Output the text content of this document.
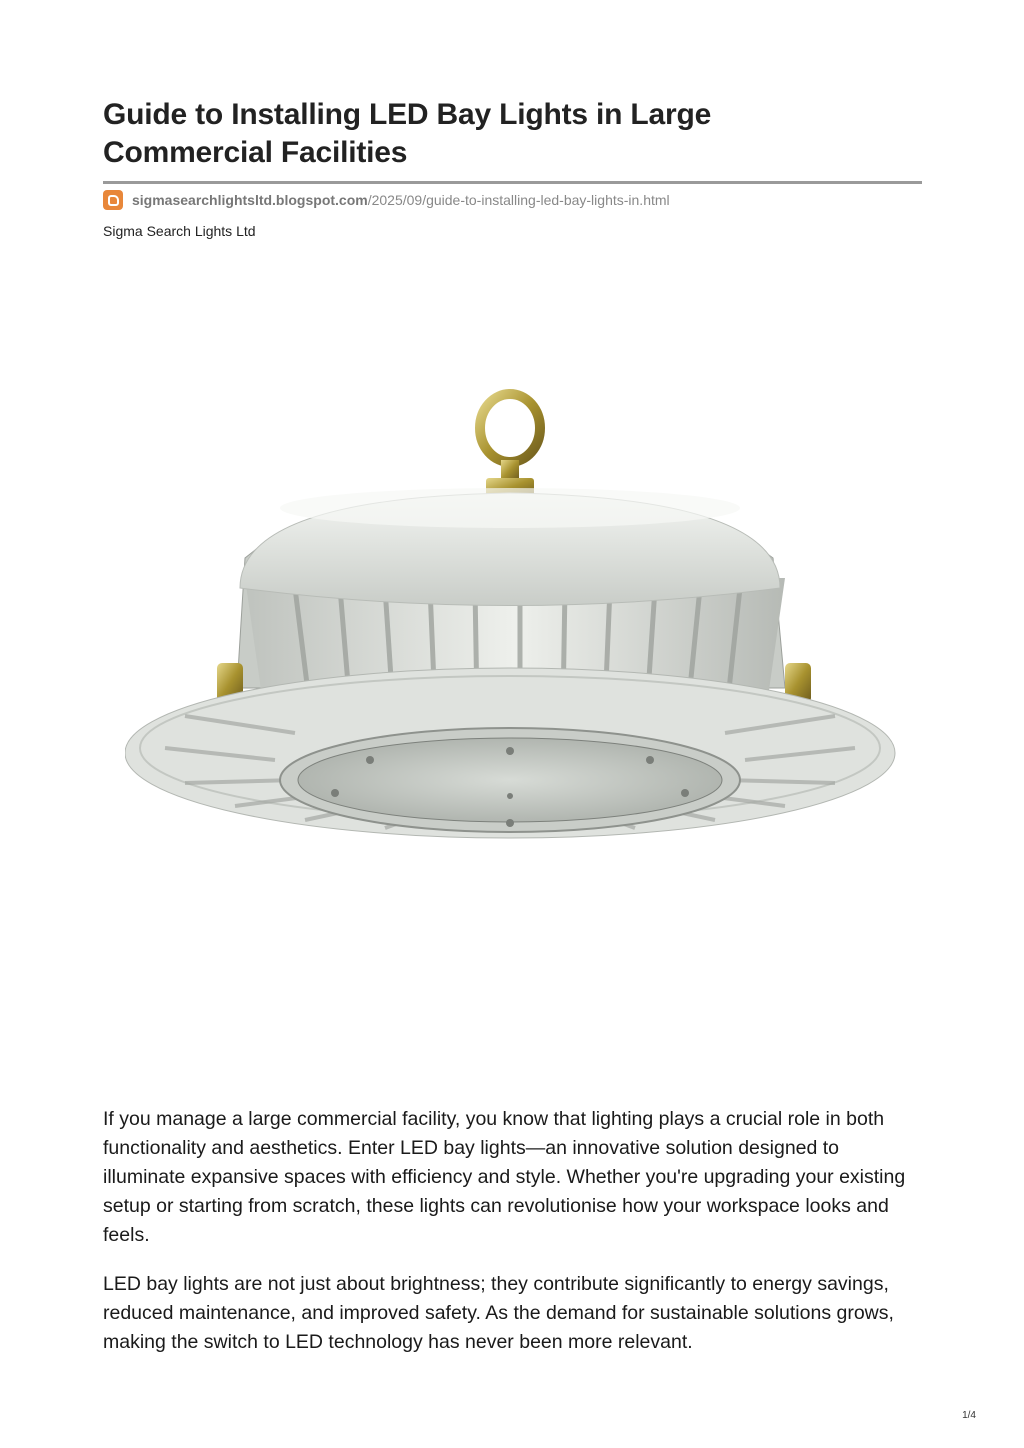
Guide to Installing LED Bay Lights in Large Commercial Facilities
sigmasearchlightsltd.blogspot.com /2025/09/guide-to-installing-led-bay-lights-in.html
Sigma Search Lights Ltd

If you manage a large commercial facility, you know that lighting plays a crucial role in both functionality and aesthetics. Enter LED bay lights—an innovative solution designed to illuminate expansive spaces with efficiency and style. Whether you're upgrading your existing setup or starting from scratch, these lights can revolutionise how your workspace looks and feels.

LED bay lights are not just about brightness; they contribute significantly to energy savings, reduced maintenance, and improved safety. As the demand for sustainable solutions grows, making the switch to LED technology has never been more relevant.

1/4
